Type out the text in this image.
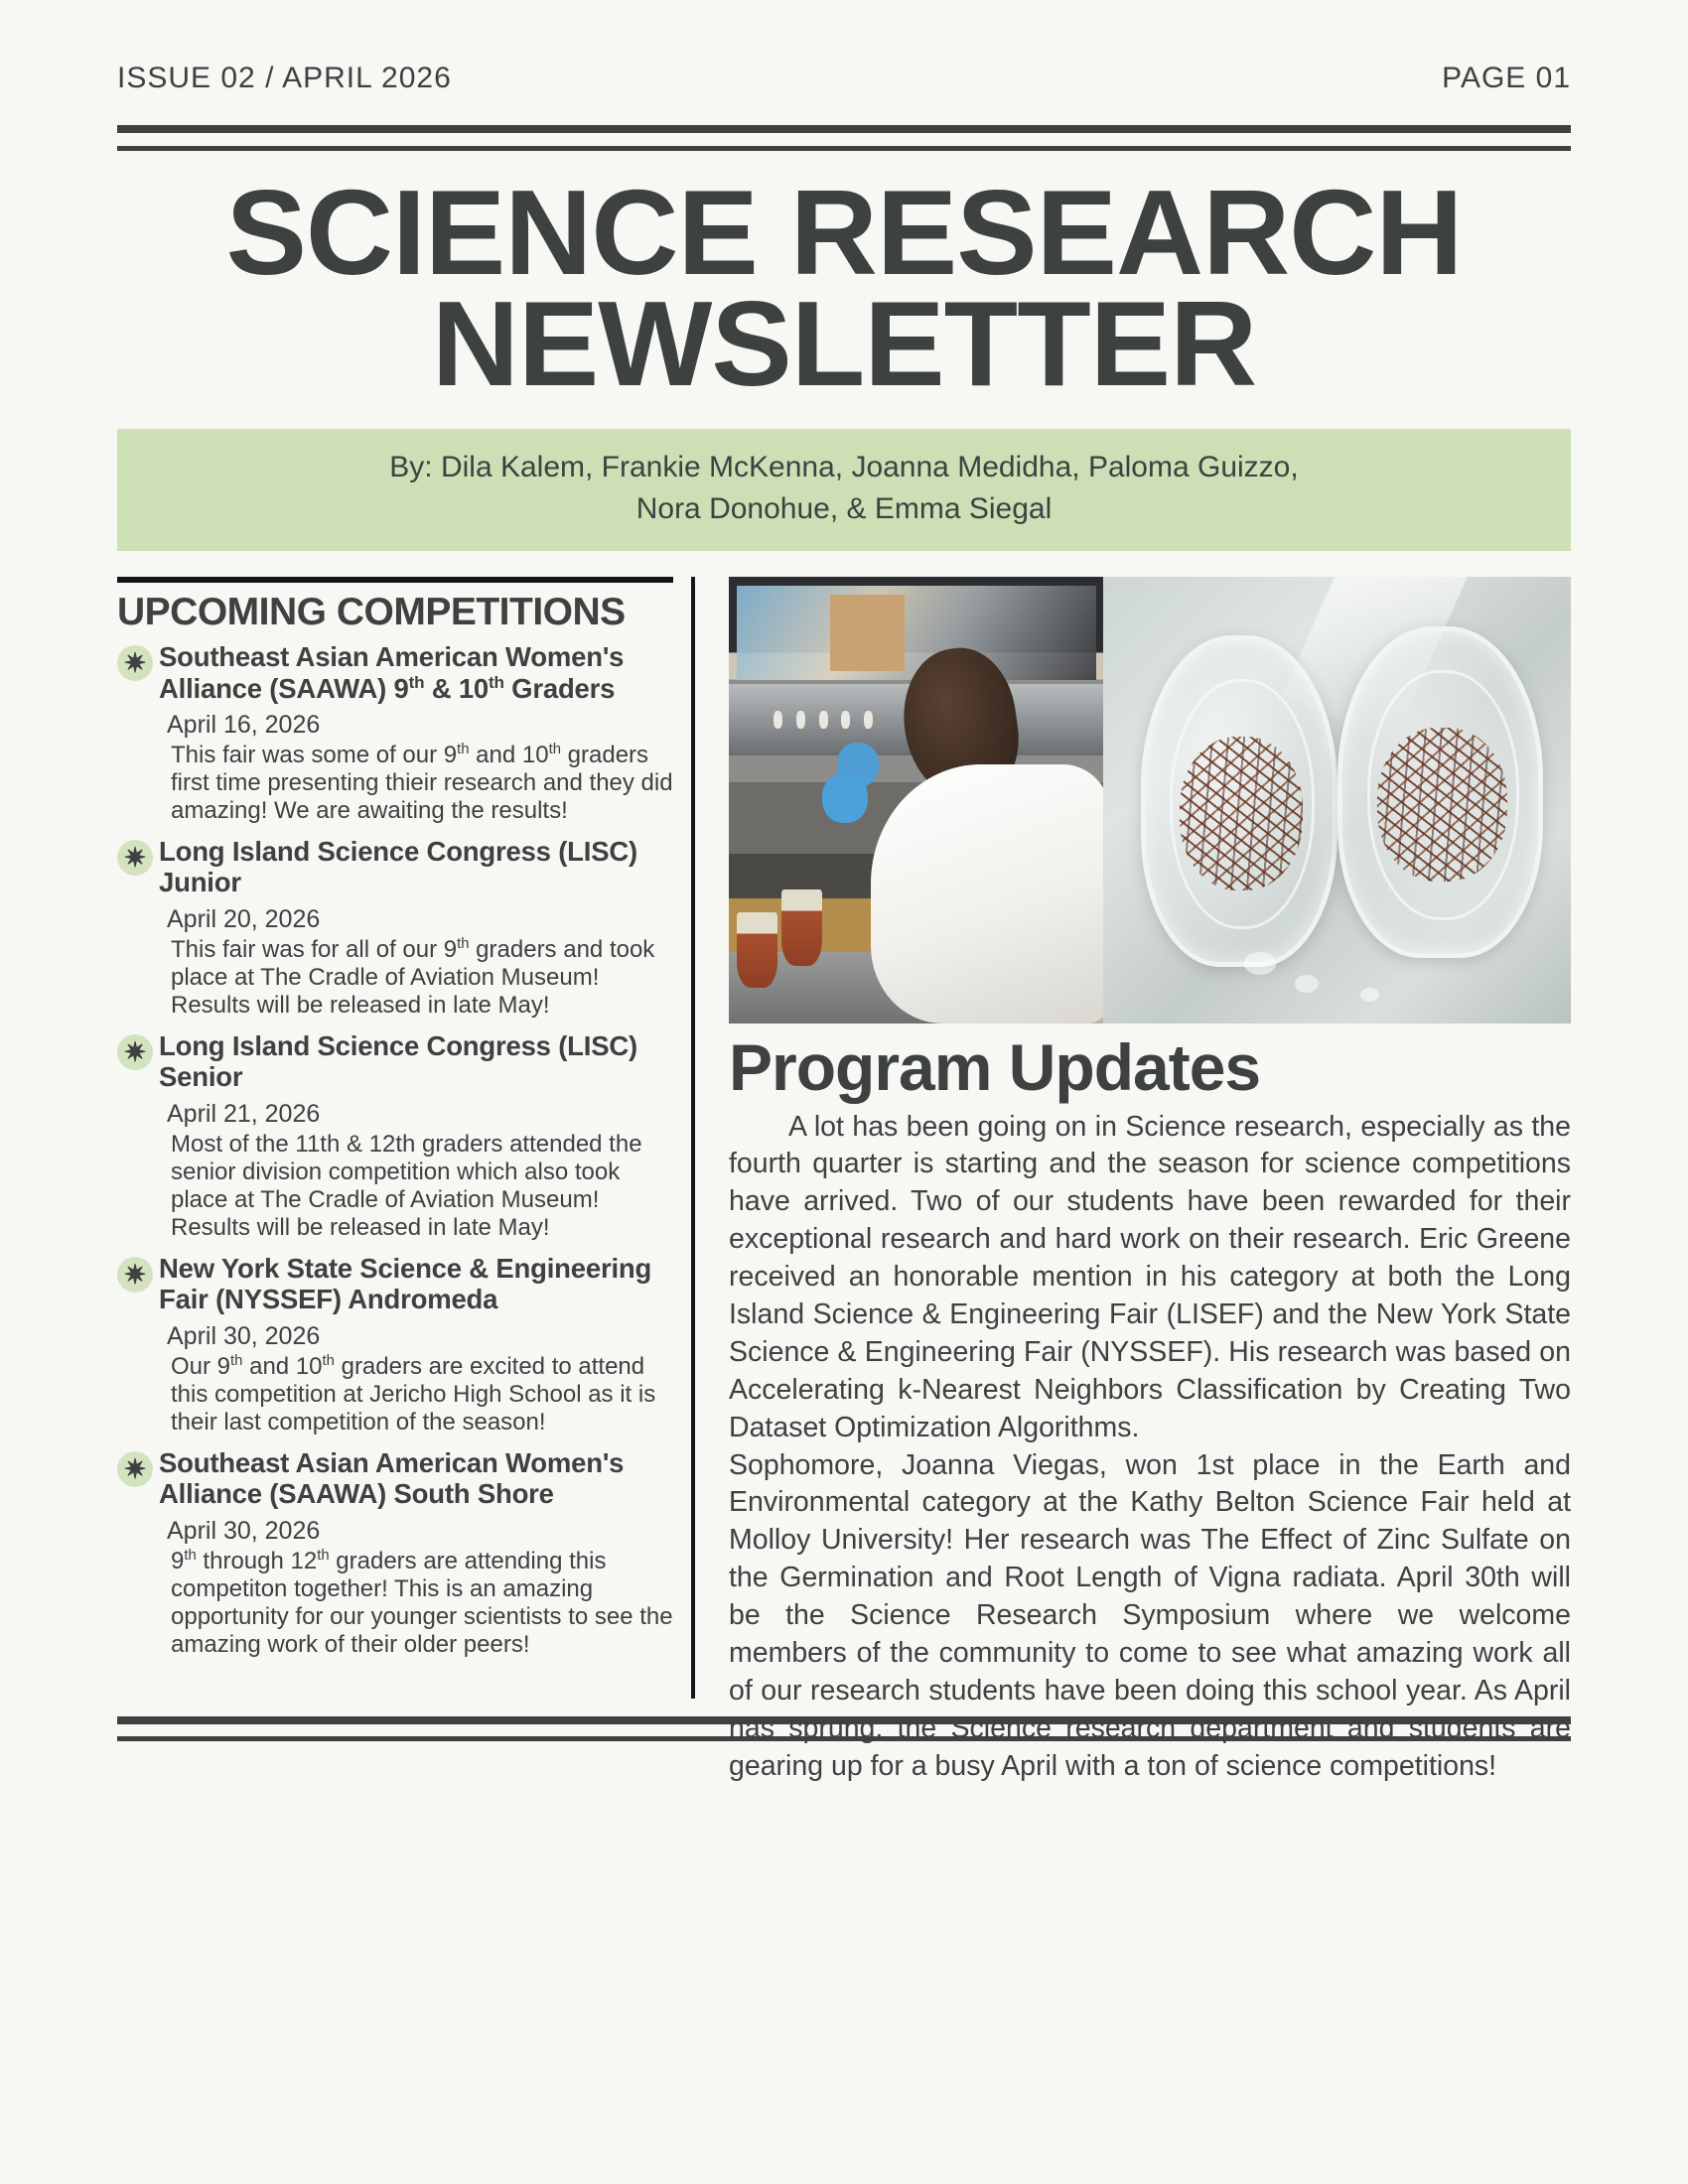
ISSUE 02 / APRIL 2026	PAGE 01
SCIENCE RESEARCH
NEWSLETTER
By: Dila Kalem, Frankie McKenna, Joanna Medidha, Paloma Guizzo,
Nora Donohue, & Emma Siegal
UPCOMING COMPETITIONS
✷ Southeast Asian American Women's Alliance (SAAWA) 9th & 10th Graders
April 16, 2026
This fair was some of our 9th and 10th graders first time presenting thieir research and they did amazing! We are awaiting the results!
✷ Long Island Science Congress (LISC) Junior
April 20, 2026
This fair was for all of our 9th graders and took place at The Cradle of Aviation Museum! Results will be released in late May!
✷ Long Island Science Congress (LISC) Senior
April 21, 2026
Most of the 11th & 12th graders attended the senior division competition which also took place at The Cradle of Aviation Museum! Results will be released in late May!
✷ New York State Science & Engineering Fair (NYSSEF) Andromeda
April 30, 2026
Our 9th and 10th graders are excited to attend this competition at Jericho High School as it is their last competition of the season!
✷ Southeast Asian American Women's Alliance (SAAWA) South Shore
April 30, 2026
9th through 12th graders are attending this competiton together! This is an amazing opportunity for our younger scientists to see the amazing work of their older peers!
Program Updates

A lot has been going on in Science research, especially as the fourth quarter is starting and the season for science competitions have arrived. Two of our students have been rewarded for their exceptional research and hard work on their research. Eric Greene received an honorable mention in his category at both the Long Island Science & Engineering Fair (LISEF) and the New York State Science & Engineering Fair (NYSSEF). His research was based on Accelerating k-Nearest Neighbors Classification by Creating Two Dataset Optimization Algorithms.

Sophomore, Joanna Viegas, won 1st place in the Earth and Environmental category at the Kathy Belton Science Fair held at Molloy University! Her research was The Effect of Zinc Sulfate on the Germination and Root Length of Vigna radiata. April 30th will be the Science Research Symposium where we welcome members of the community to come to see what amazing work all of our research students have been doing this school year. As April has sprung, the Science research department and students are gearing up for a busy April with a ton of science competitions!
